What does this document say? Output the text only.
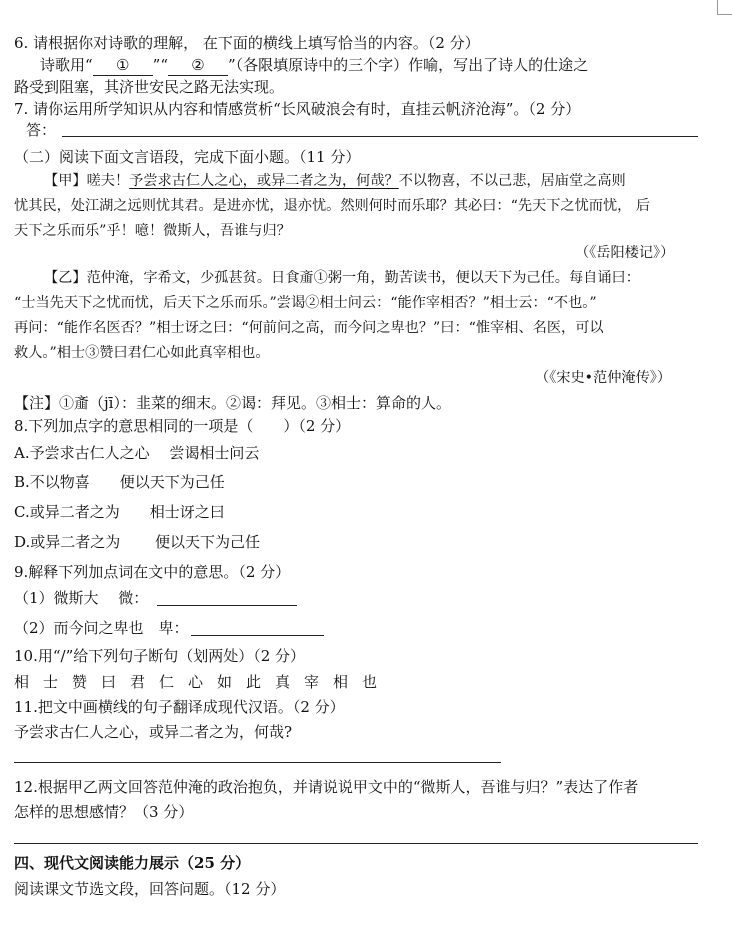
6. 请根据你对诗歌的理解， 在下面的横线上填写恰当的内容。（2 分）
诗歌用“ ① ”“ ② ”（各限填原诗中的三个字）作喻，写出了诗人的仕途之
路受到阻塞，其济世安民之路无法实现。
7. 请你运用所学知识从内容和情感赏析“长风破浪会有时，直挂云帆济沧海”。（2 分）
答：
（二）阅读下面文言语段，完成下面小题。（11 分）
【甲】嗟夫！予尝求古仁人之心，或异二者之为，何哉？不以物喜，不以己悲，居庙堂之高则
忧其民，处江湖之远则忧其君。是进亦忧，退亦忧。然则何时而乐耶？其必曰：“先天下之忧而忧， 后
天下之乐而乐”乎！噫！微斯人，吾谁与归？
（《岳阳楼记》）
【乙】范仲淹，字希文，少孤甚贫。日食齑①粥一角，勤苦读书，便以天下为己任。每自诵曰：
“士当先天下之忧而忧，后天下之乐而乐。”尝谒②相士问云：“能作宰相否？”相士云：“不也。”
再问：“能作名医否？”相士讶之曰：“何前问之高，而今问之卑也？”曰：“惟宰相、名医，可以
救人。”相士③赞曰君仁心如此真宰相也。
（《宋史•范仲淹传》）
【注】①齑（jī）：韭菜的细末。②谒：拜见。③相士：算命的人。
8.下列加点字的意思相同的一项是（　　）（2 分）
A.予尝求古仁人之心　 尝谒相士问云
B.不以物喜　　便以天下为己任
C.或异二者之为　　相士讶之曰
D.或异二者之为　　 便以天下为己任
9.解释下列加点词在文中的意思。（2 分）
（1）微斯大　 微：
（2）而今问之卑也　卑：
10.用“/”给下列句子断句（划两处）（2 分）
相士赞曰君仁心如此真宰相也
11.把文中画横线的句子翻译成现代汉语。（2 分）
予尝求古仁人之心，或异二者之为，何哉?
12.根据甲乙两文回答范仲淹的政治抱负，并请说说甲文中的“微斯人，吾谁与归？”表达了作者
怎样的思想感情？（3 分）
四、现代文阅读能力展示（25 分）
阅读课文节选文段，回答问题。（12 分）
